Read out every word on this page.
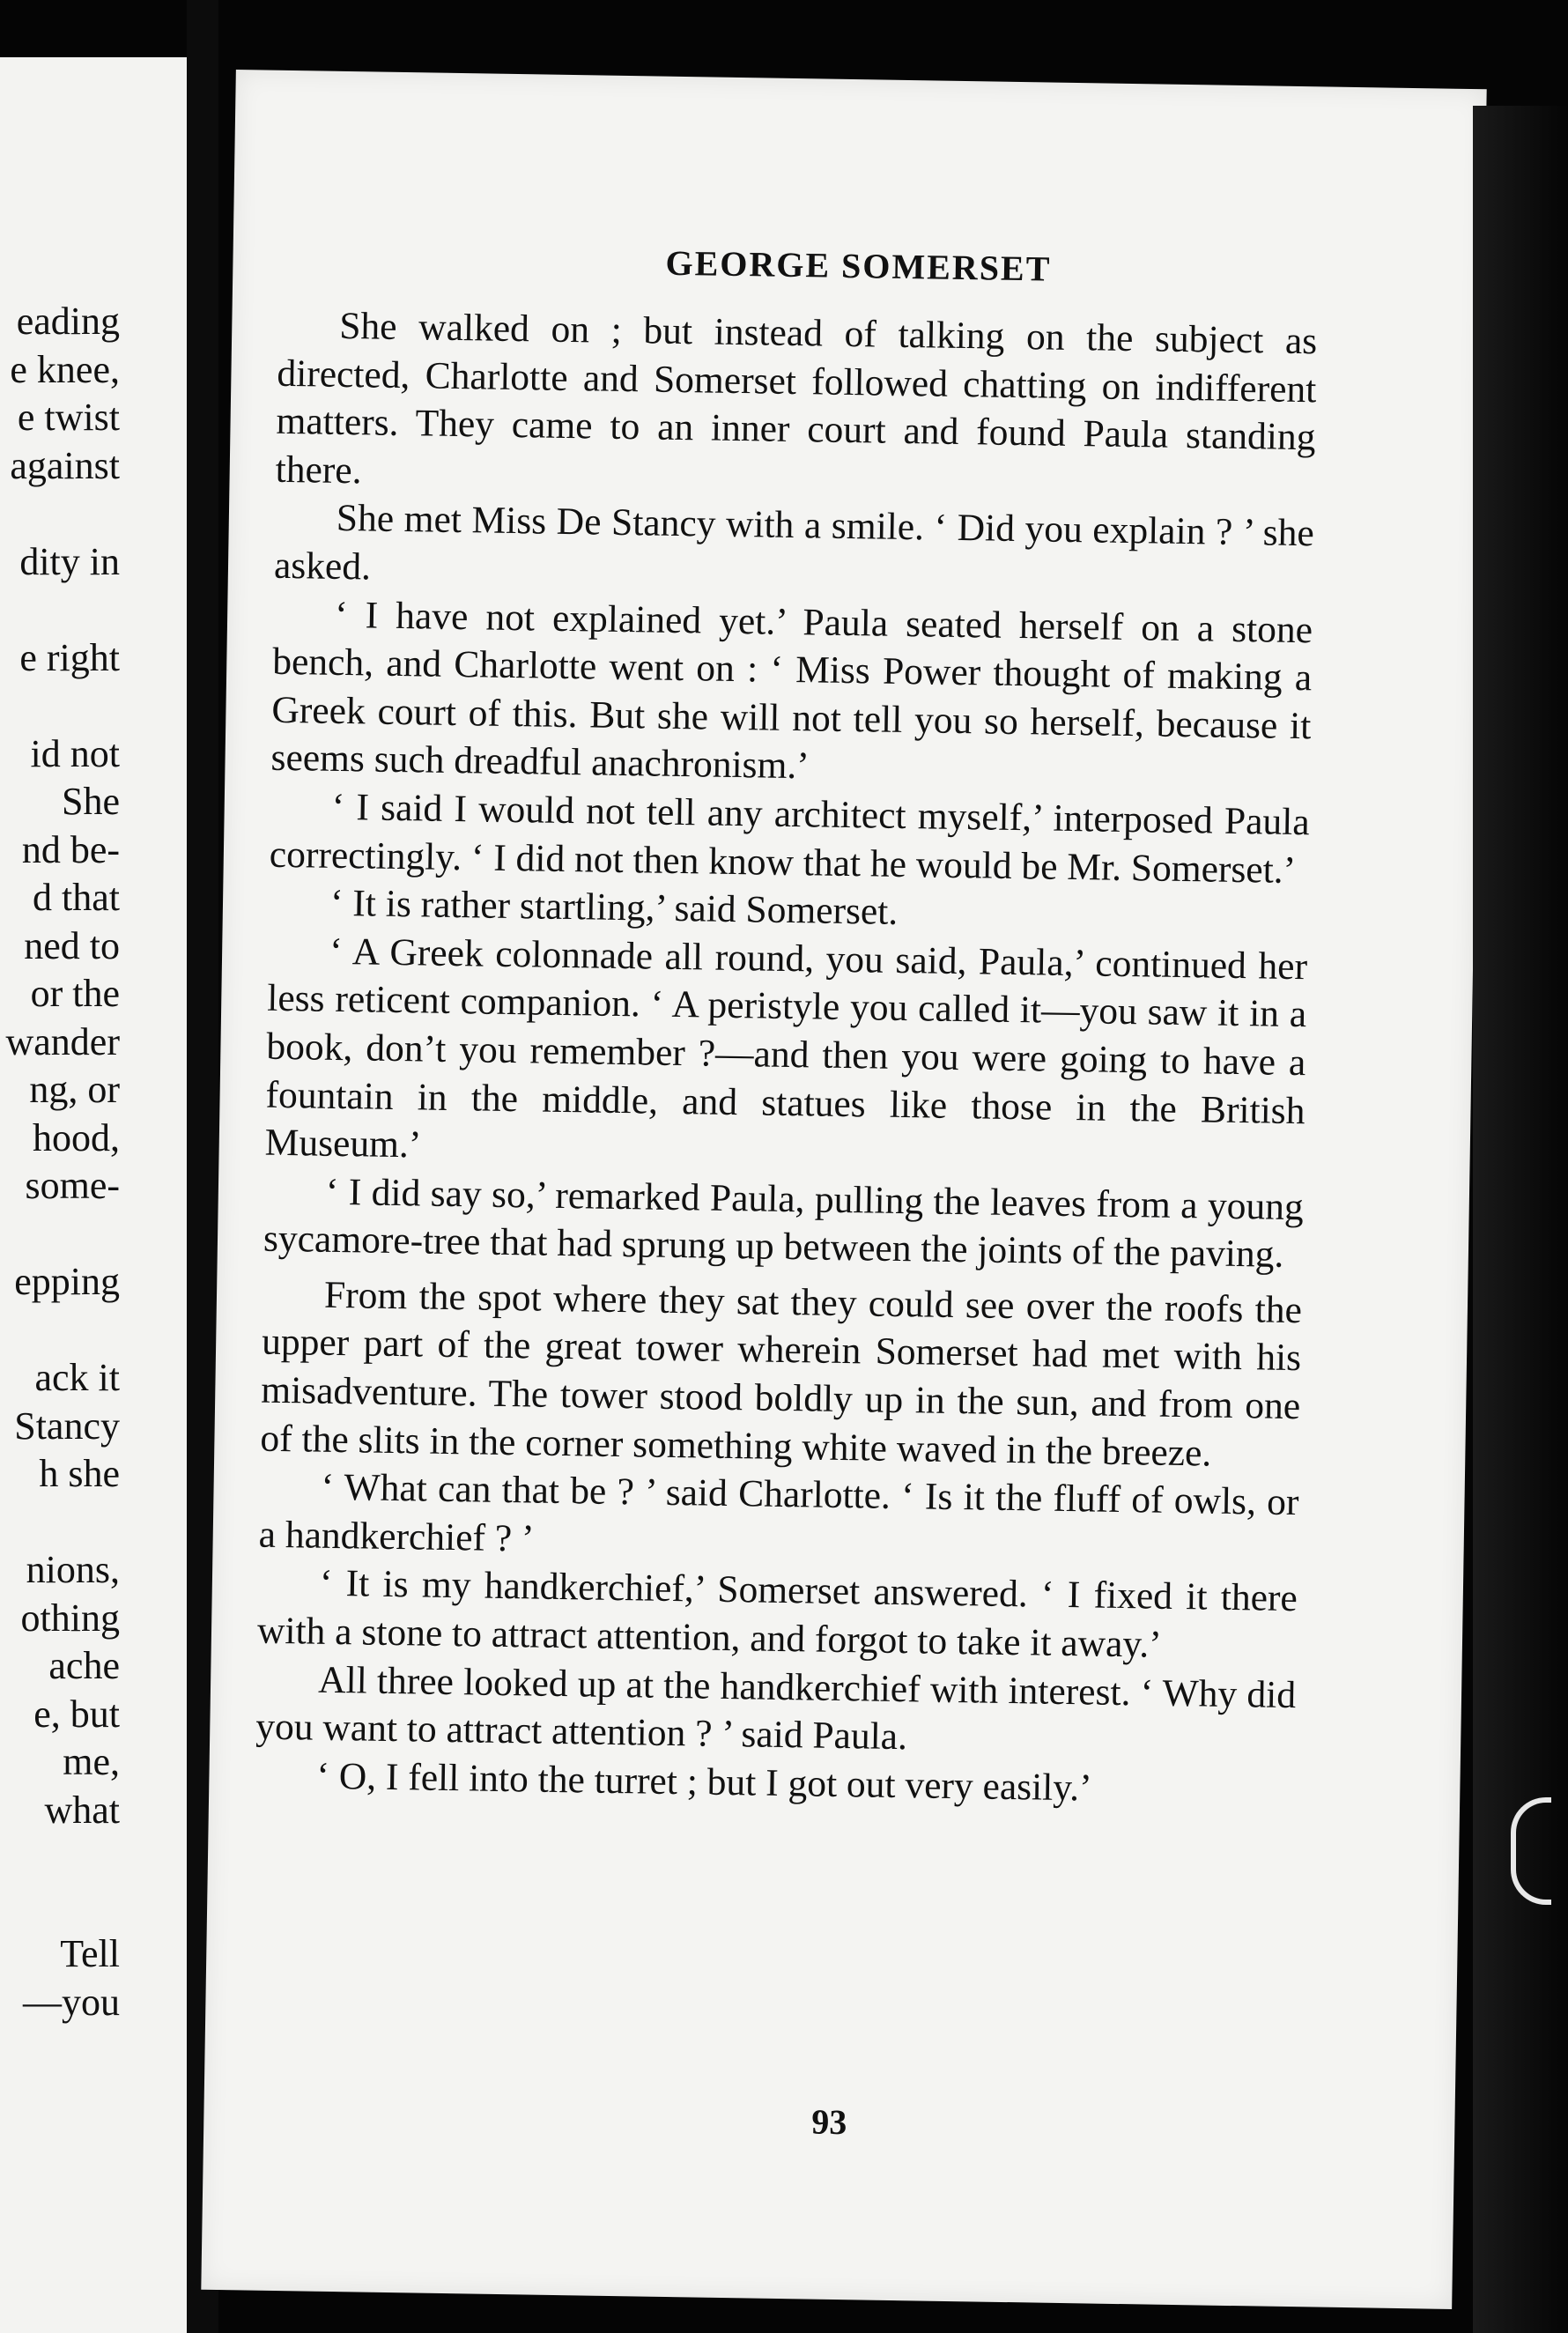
eading
e knee,
e twist
against
dity in
e right
id not
She
nd be-
d that
ned to
or the
wander
ng, or
hood,
some-
epping
ack it
Stancy
h she
nions,
othing
ache
e, but
me,
what
Tell
—you
GEORGE SOMERSET

She walked on ; but instead of talking on the subject as directed, Charlotte and Somerset followed chatting on indifferent matters. They came to an inner court and found Paula standing there.

She met Miss De Stancy with a smile. ‘ Did you explain ? ’ she asked.

‘ I have not explained yet.’ Paula seated herself on a stone bench, and Charlotte went on : ‘ Miss Power thought of making a Greek court of this. But she will not tell you so herself, because it seems such dreadful anachronism.’

‘ I said I would not tell any architect myself,’ interposed Paula correctingly. ‘ I did not then know that he would be Mr. Somerset.’

‘ It is rather startling,’ said Somerset.

‘ A Greek colonnade all round, you said, Paula,’ continued her less reticent companion. ‘ A peristyle you called it—you saw it in a book, don’t you remember ?—and then you were going to have a fountain in the middle, and statues like those in the British Museum.’

‘ I did say so,’ remarked Paula, pulling the leaves from a young sycamore-tree that had sprung up between the joints of the paving.

From the spot where they sat they could see over the roofs the upper part of the great tower wherein Somerset had met with his misadventure. The tower stood boldly up in the sun, and from one of the slits in the corner something white waved in the breeze.

‘ What can that be ? ’ said Charlotte. ‘ Is it the fluff of owls, or a handkerchief ? ’

‘ It is my handkerchief,’ Somerset answered. ‘ I fixed it there with a stone to attract attention, and forgot to take it away.’

All three looked up at the handkerchief with interest. ‘ Why did you want to attract attention ? ’ said Paula.

‘ O, I fell into the turret ; but I got out very easily.’

93
